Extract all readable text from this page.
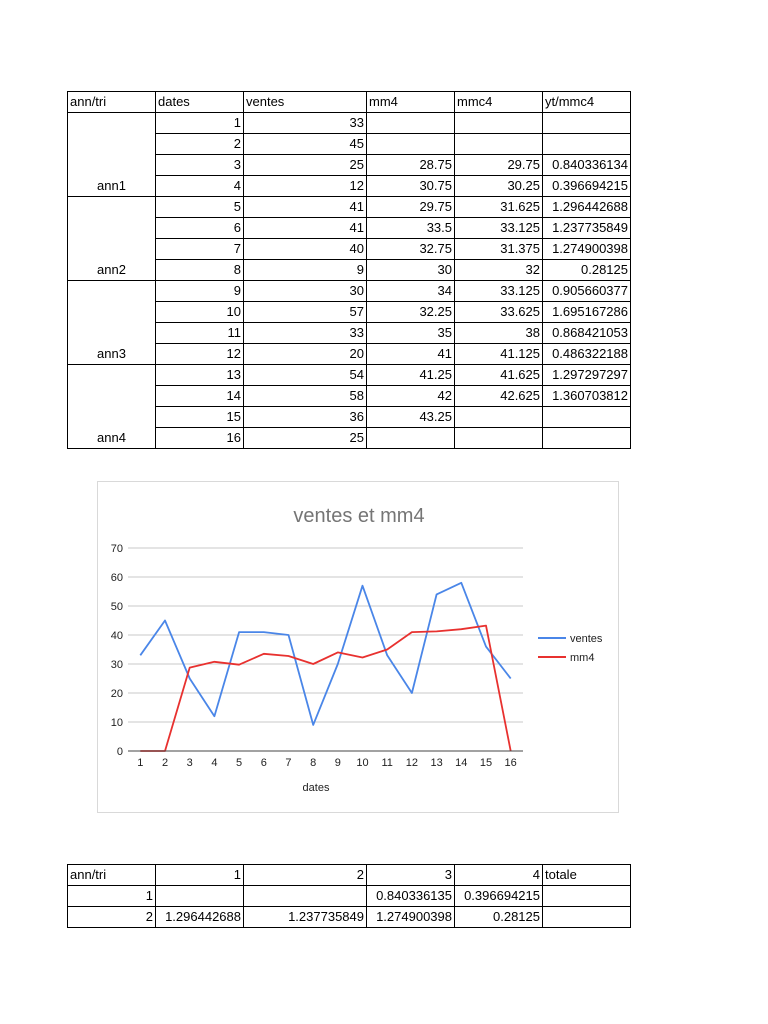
ann/tri	dates	ventes	mm4	mmc4	yt/mmc4
ann1	1	33			
	2	45			
	3	25	28.75	29.75	0.840336134
	4	12	30.75	30.25	0.396694215
ann2	5	41	29.75	31.625	1.296442688
	6	41	33.5	33.125	1.237735849
	7	40	32.75	31.375	1.274900398
	8	9	30	32	0.28125
ann3	9	30	34	33.125	0.905660377
	10	57	32.25	33.625	1.695167286
	11	33	35	38	0.868421053
	12	20	41	41.125	0.486322188
ann4	13	54	41.25	41.625	1.297297297
	14	58	42	42.625	1.360703812
	15	36	43.25		
	16	25			
ventes et mm4
0
10
20
30
40
50
60
70
1 2 3 4 5 6 7 8 9 10 11 12 13 14 15 16
dates
ventes
mm4
ann/tri	1	2	3	4	totale
1			0.840336135	0.396694215	
2	1.296442688	1.237735849	1.274900398	0.28125	
